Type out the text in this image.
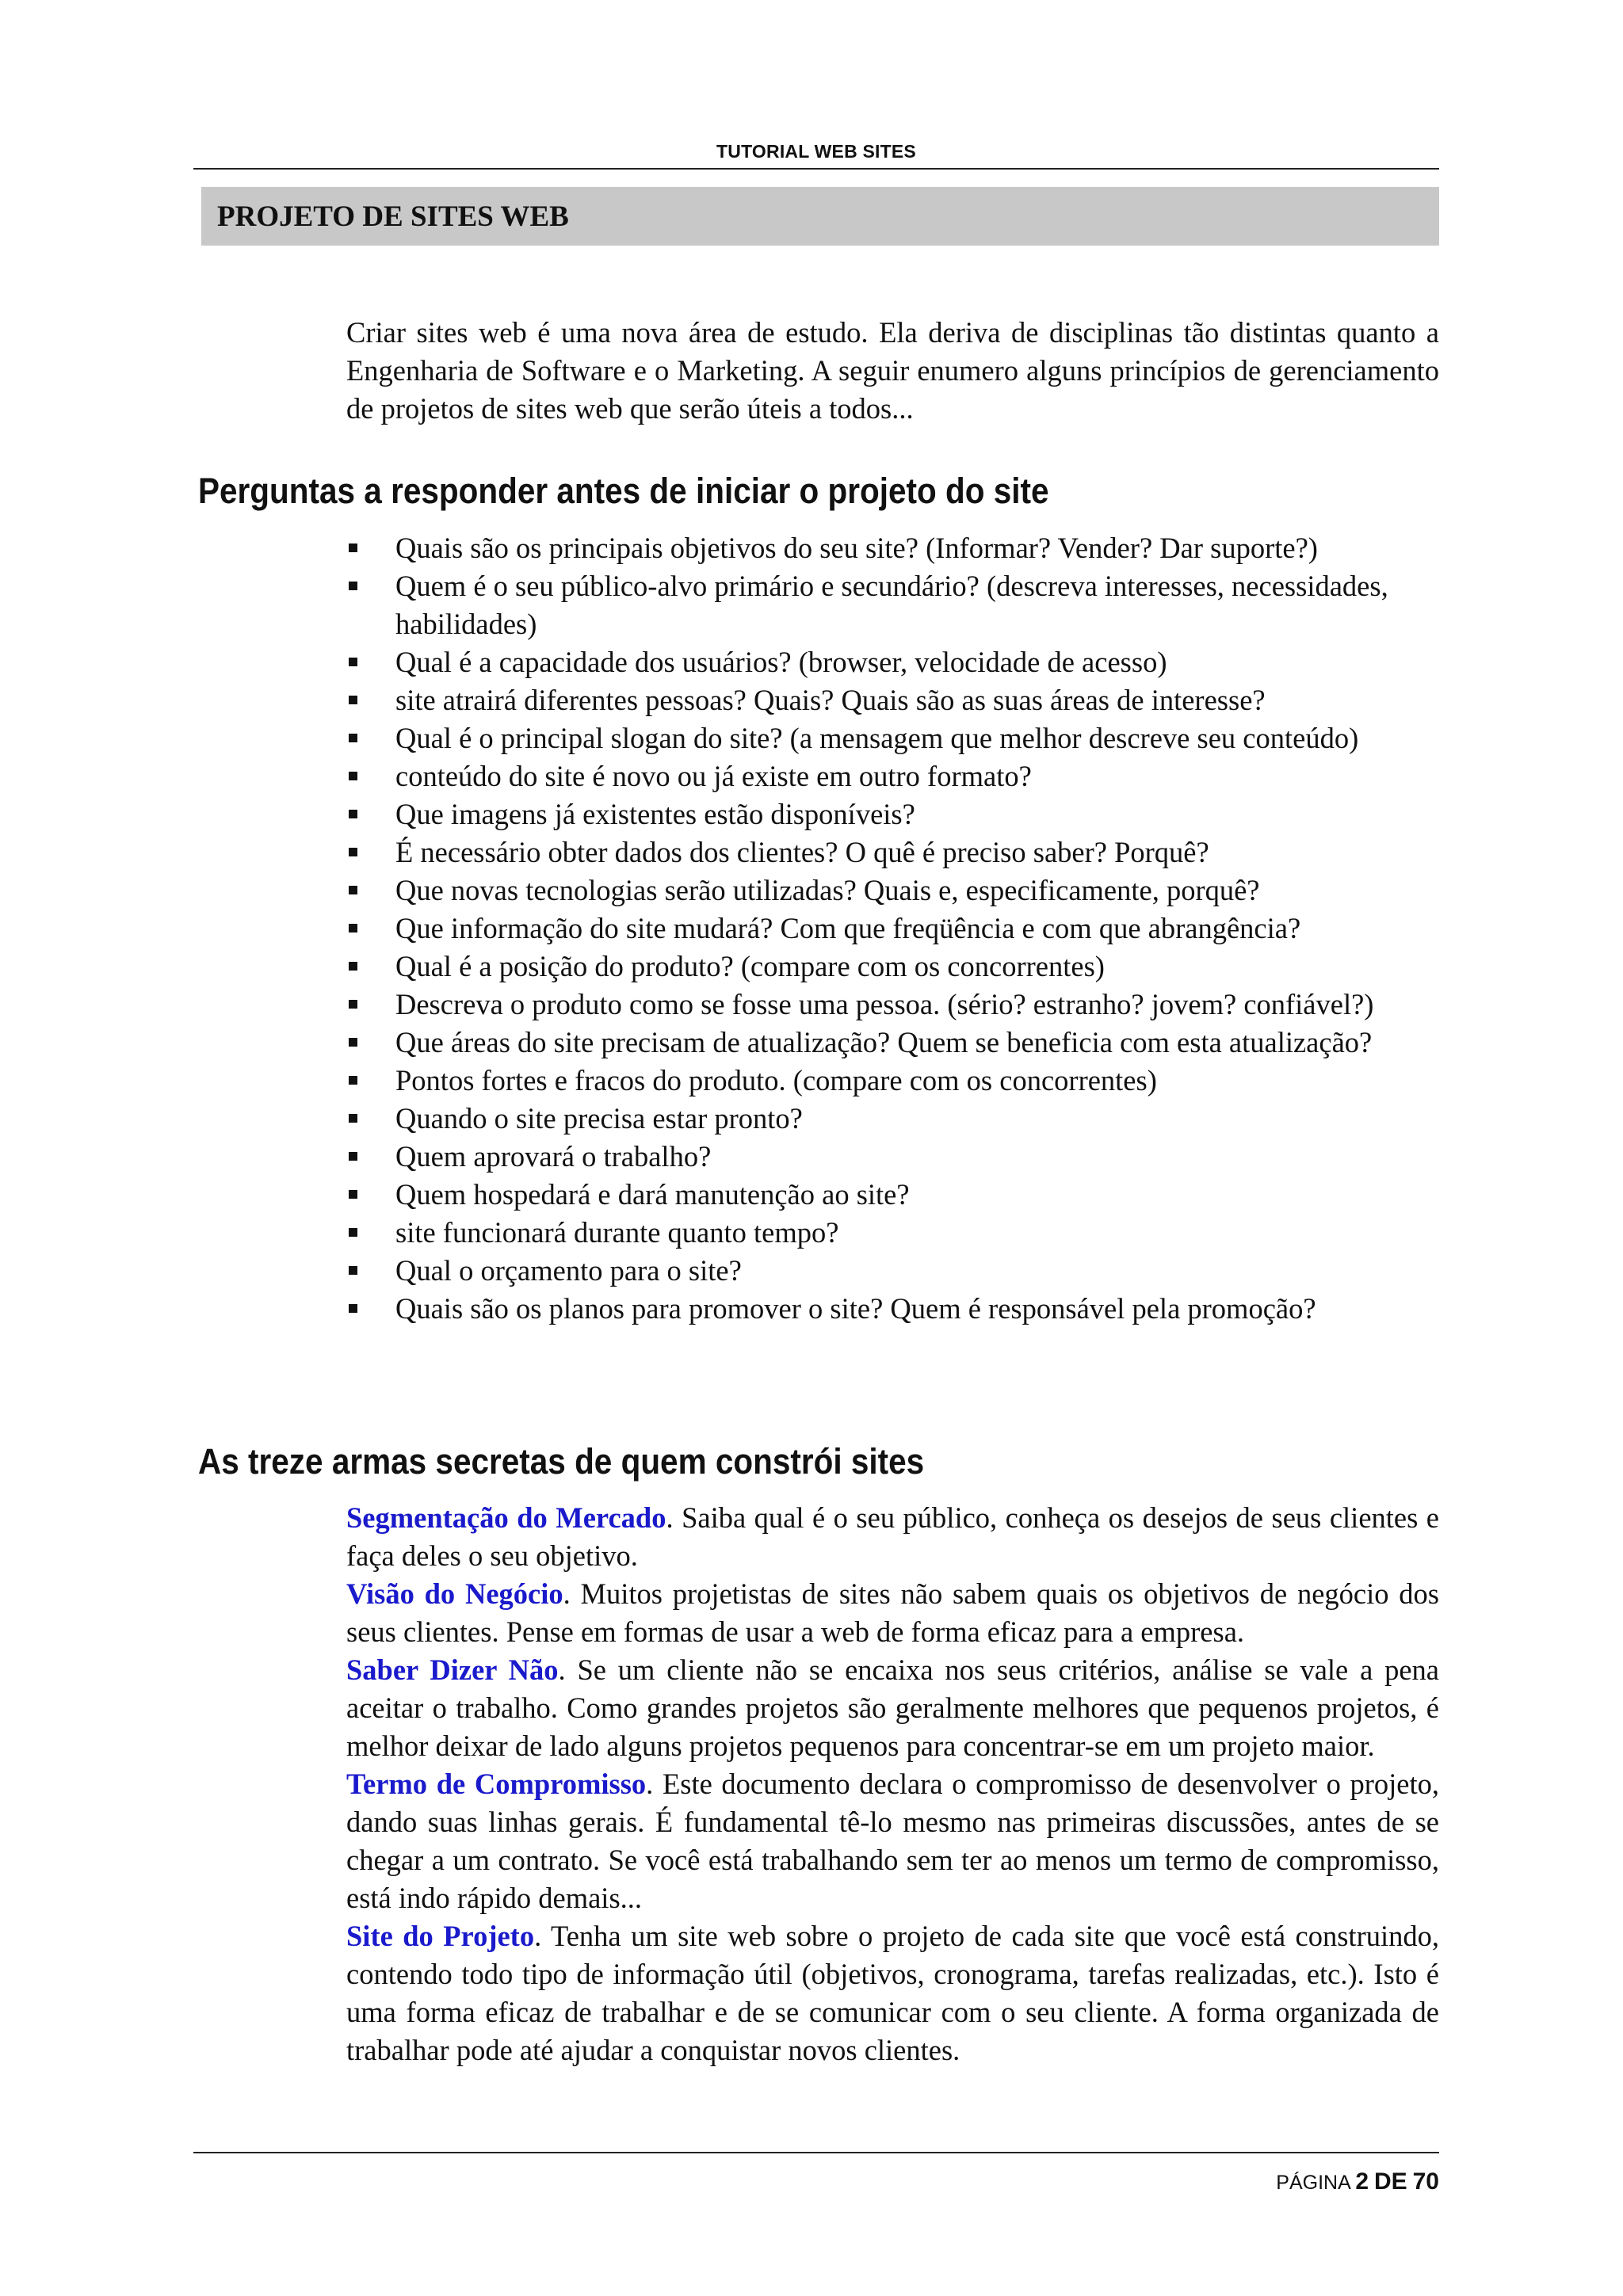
TUTORIAL WEB SITES
PROJETO DE SITES WEB

Criar sites web é uma nova área de estudo. Ela deriva de disciplinas tão distintas quanto a Engenharia de Software e o Marketing. A seguir enumero alguns princípios de gerenciamento de projetos de sites web que serão úteis a todos...

Perguntas a responder antes de iniciar o projeto do site
Quais são os principais objetivos do seu site? (Informar? Vender? Dar suporte?)
Quem é o seu público-alvo primário e secundário? (descreva interesses, necessidades, habilidades)
Qual é a capacidade dos usuários? (browser, velocidade de acesso)
site atrairá diferentes pessoas? Quais? Quais são as suas áreas de interesse?
Qual é o principal slogan do site? (a mensagem que melhor descreve seu conteúdo)
conteúdo do site é novo ou já existe em outro formato?
Que imagens já existentes estão disponíveis?
É necessário obter dados dos clientes? O quê é preciso saber? Porquê?
Que novas tecnologias serão utilizadas? Quais e, especificamente, porquê?
Que informação do site mudará? Com que freqüência e com que abrangência?
Qual é a posição do produto? (compare com os concorrentes)
Descreva o produto como se fosse uma pessoa. (sério? estranho? jovem? confiável?)
Que áreas do site precisam de atualização? Quem se beneficia com esta atualização?
Pontos fortes e fracos do produto. (compare com os concorrentes)
Quando o site precisa estar pronto?
Quem aprovará o trabalho?
Quem hospedará e dará manutenção ao site?
site funcionará durante quanto tempo?
Qual o orçamento para o site?
Quais são os planos para promover o site? Quem é responsável pela promoção?
As treze armas secretas de quem constrói sites

Segmentação do Mercado. Saiba qual é o seu público, conheça os desejos de seus clientes e faça deles o seu objetivo.

Visão do Negócio. Muitos projetistas de sites não sabem quais os objetivos de negócio dos seus clientes. Pense em formas de usar a web de forma eficaz para a empresa.

Saber Dizer Não. Se um cliente não se encaixa nos seus critérios, análise se vale a pena aceitar o trabalho. Como grandes projetos são geralmente melhores que pequenos projetos, é melhor deixar de lado alguns projetos pequenos para concentrar-se em um projeto maior.

Termo de Compromisso. Este documento declara o compromisso de desenvolver o projeto, dando suas linhas gerais. É fundamental tê-lo mesmo nas primeiras discussões, antes de se chegar a um contrato. Se você está trabalhando sem ter ao menos um termo de compromisso, está indo rápido demais...

Site do Projeto. Tenha um site web sobre o projeto de cada site que você está construindo, contendo todo tipo de informação útil (objetivos, cronograma, tarefas realizadas, etc.). Isto é uma forma eficaz de trabalhar e de se comunicar com o seu cliente. A forma organizada de trabalhar pode até ajudar a conquistar novos clientes.

PÁGINA 2 DE 70
